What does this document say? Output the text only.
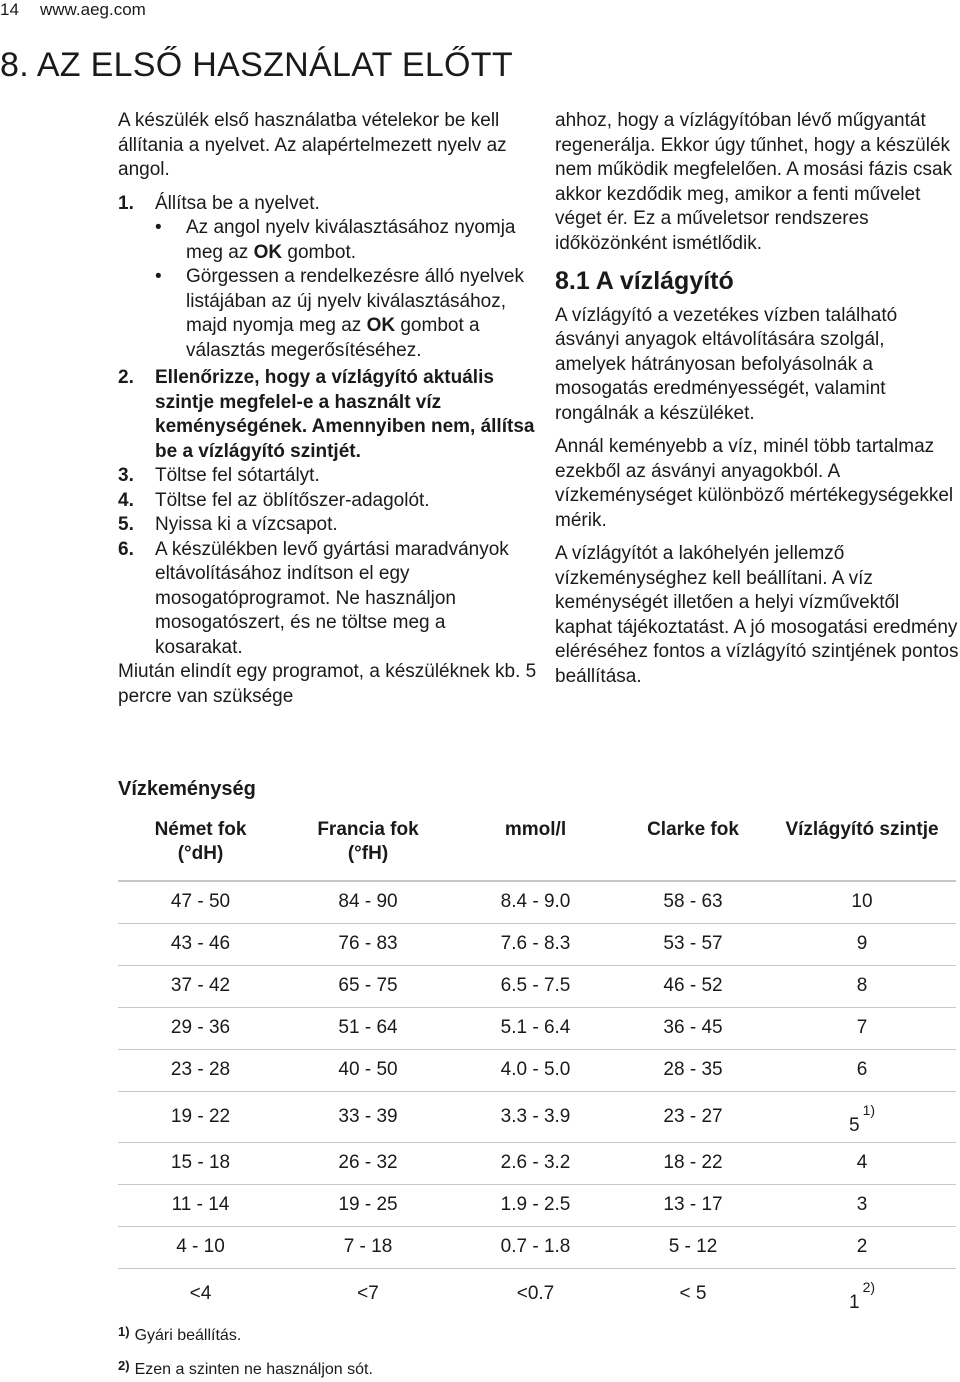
14 www.aeg.com
8. AZ ELSŐ HASZNÁLAT ELŐTT

A készülék első használatba vételekor be kell állítania a nyelvet. Az alapértelmezett nyelv az angol.

1. Állítsa be a nyelvet.
• Az angol nyelv kiválasztásához nyomja meg az OK gombot.
• Görgessen a rendelkezésre álló nyelvek listájában az új nyelv kiválasztásához, majd nyomja meg az OK gombot a választás megerősítéséhez.
2. Ellenőrizze, hogy a vízlágyító aktuális szintje megfelel-e a használt víz keménységének. Amennyiben nem, állítsa be a vízlágyító szintjét.
3. Töltse fel sótartályt.
4. Töltse fel az öblítőszer-adagolót.
5. Nyissa ki a vízcsapot.
6. A készülékben levő gyártási maradványok eltávolításához indítson el egy mosogatóprogramot. Ne használjon mosogatószert, és ne töltse meg a kosarakat.

Miután elindít egy programot, a készüléknek kb. 5 percre van szüksége

ahhoz, hogy a vízlágyítóban lévő műgyantát regenerálja. Ekkor úgy tűnhet, hogy a készülék nem működik megfelelően. A mosási fázis csak akkor kezdődik meg, amikor a fenti művelet véget ér. Ez a műveletsor rendszeres időközönként ismétlődik.

8.1 A vízlágyító

A vízlágyító a vezetékes vízben található ásványi anyagok eltávolítására szolgál, amelyek hátrányosan befolyásolnák a mosogatás eredményességét, valamint rongálnák a készüléket.

Annál keményebb a víz, minél több tartalmaz ezekből az ásványi anyagokból. A vízkeménységet különböző mértékegységekkel mérik.

A vízlágyítót a lakóhelyén jellemző vízkeménységhez kell beállítani. A víz keménységét illetően a helyi vízművektől kaphat tájékoztatást. A jó mosogatási eredmény eléréséhez fontos a vízlágyító szintjének pontos beállítása.

Vízkeménység
Német fok
(°dH)	Francia fok
(°fH)	mmol/l	Clarke fok	Vízlágyító szintje
47 - 50	84 - 90	8.4 - 9.0	58 - 63	10
43 - 46	76 - 83	7.6 - 8.3	53 - 57	9
37 - 42	65 - 75	6.5 - 7.5	46 - 52	8
29 - 36	51 - 64	5.1 - 6.4	36 - 45	7
23 - 28	40 - 50	4.0 - 5.0	28 - 35	6
19 - 22	33 - 39	3.3 - 3.9	23 - 27	5$^{1)}$
15 - 18	26 - 32	2.6 - 3.2	18 - 22	4
11 - 14	19 - 25	1.9 - 2.5	13 - 17	3
4 - 10	7 - 18	0.7 - 1.8	5 - 12	2
<4	<7	<0.7	< 5	1$^{2)}$
$^{1)}$ Gyári beállítás.
$^{2)}$ Ezen a szinten ne használjon sót.
